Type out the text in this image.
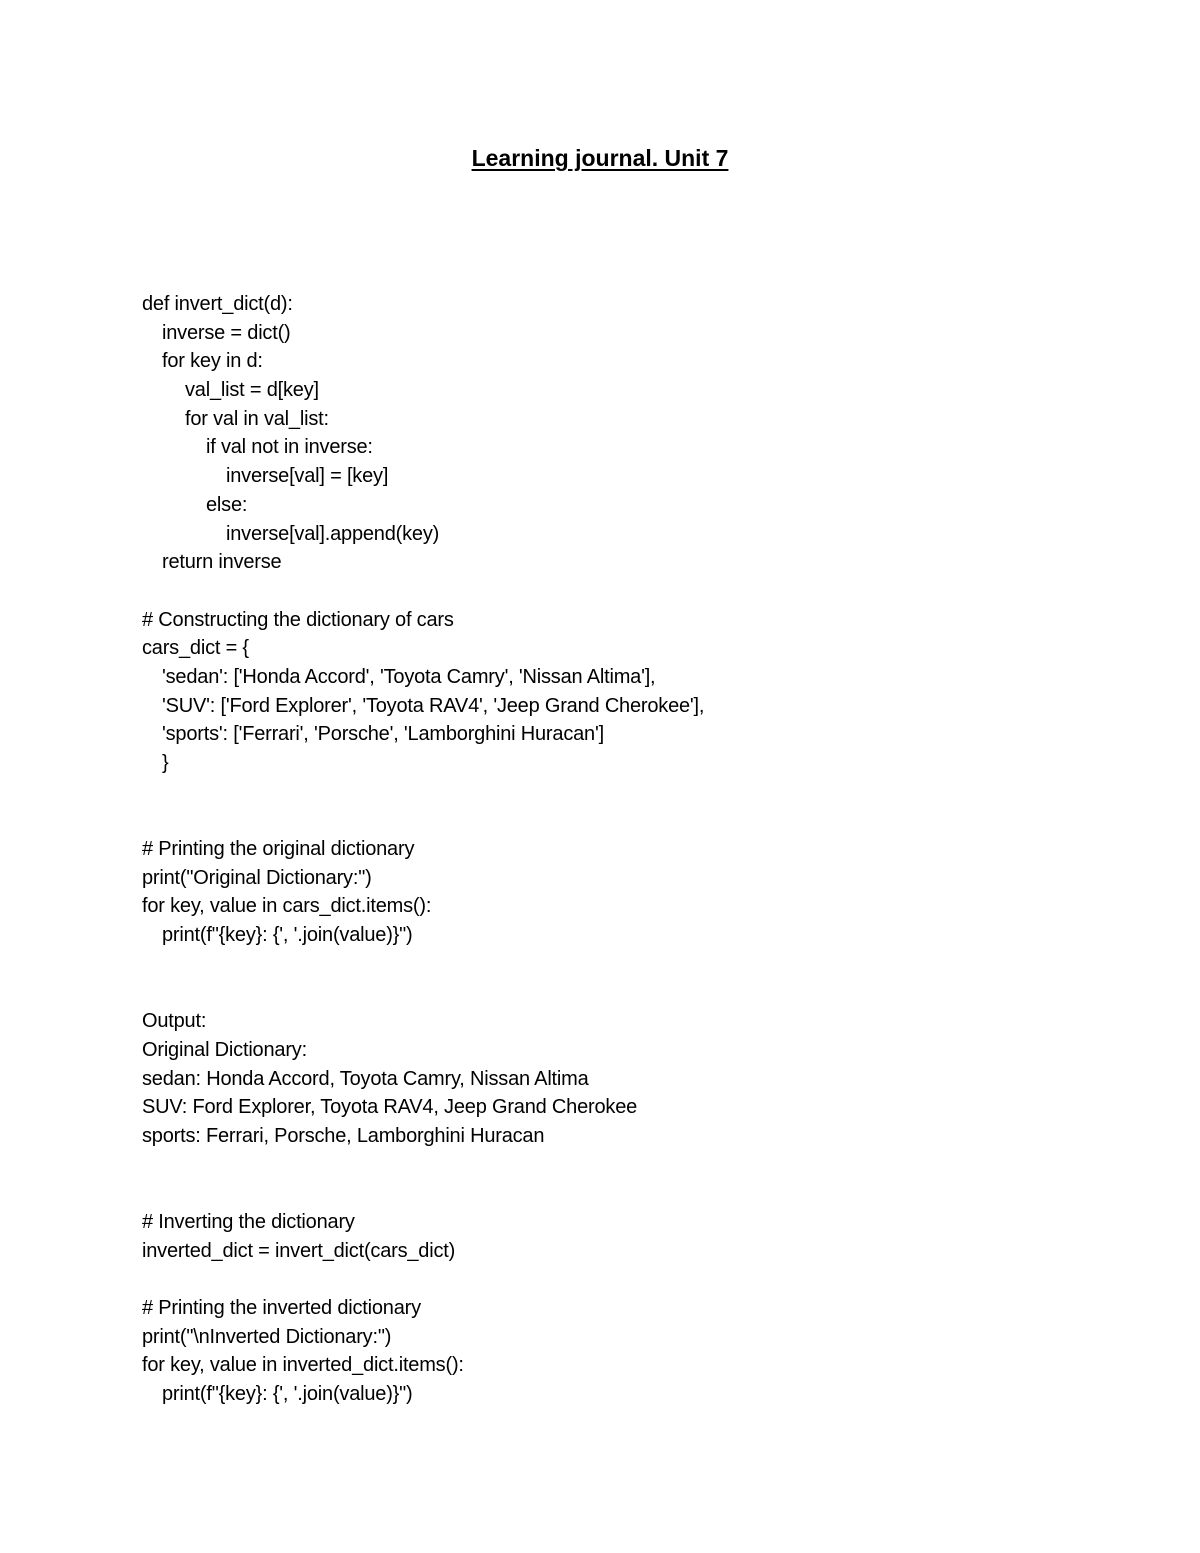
Learning journal. Unit 7
def invert_dict(d):
inverse = dict()
for key in d:
val_list = d[key]
for val in val_list:
if val not in inverse:
inverse[val] = [key]
else:
inverse[val].append(key)
return inverse
# Constructing the dictionary of cars
cars_dict = {
'sedan': ['Honda Accord', 'Toyota Camry', 'Nissan Altima'],
'SUV': ['Ford Explorer', 'Toyota RAV4', 'Jeep Grand Cherokee'],
'sports': ['Ferrari', 'Porsche', 'Lamborghini Huracan']
}
# Printing the original dictionary
print("Original Dictionary:")
for key, value in cars_dict.items():
print(f"{key}: {', '.join(value)}")
Output:
Original Dictionary:
sedan: Honda Accord, Toyota Camry, Nissan Altima
SUV: Ford Explorer, Toyota RAV4, Jeep Grand Cherokee
sports: Ferrari, Porsche, Lamborghini Huracan
# Inverting the dictionary
inverted_dict = invert_dict(cars_dict)
# Printing the inverted dictionary
print("\nInverted Dictionary:")
for key, value in inverted_dict.items():
print(f"{key}: {', '.join(value)}")
